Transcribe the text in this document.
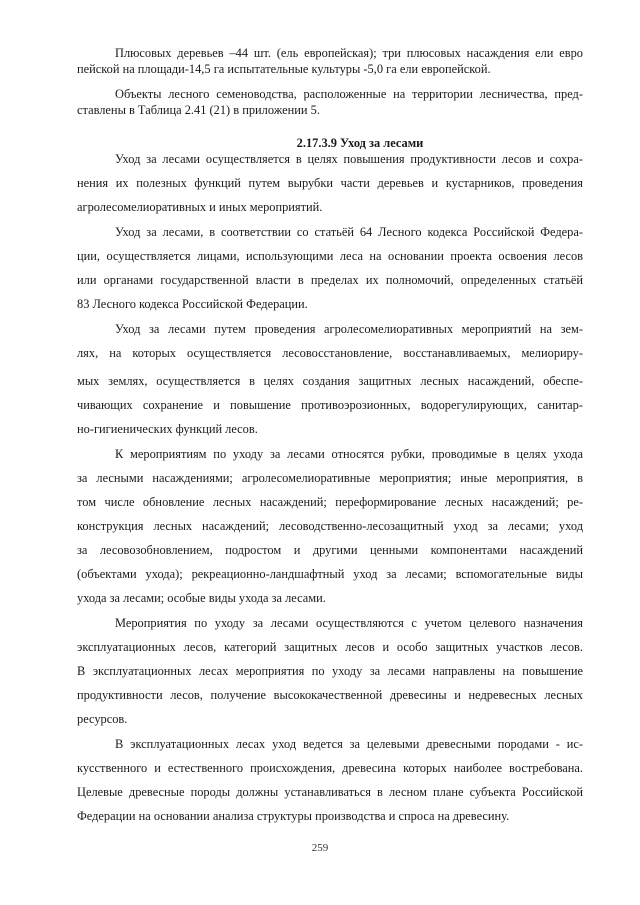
Плюсовых деревьев –44 шт. (ель европейская); три плюсовых насаждения ели евро

пейской на площади-14,5 га испытательные культуры -5,0 га ели европейской.

Объекты лесного семеноводства, расположенные на территории лесничества, пред-

ставлены в Таблица 2.41 (21) в приложении 5.

2.17.3.9 Уход за лесами

Уход за лесами осуществляется в целях повышения продуктивности лесов и сохра-

нения их полезных функций путем вырубки части деревьев и кустарников, проведения

агролесомелиоративных и иных мероприятий.

Уход за лесами, в соответствии со статьёй 64 Лесного кодекса Российской Федера-

ции, осуществляется лицами, использующими леса на основании проекта освоения лесов

или органами государственной власти в пределах их полномочий, определенных статьёй

83 Лесного кодекса Российской Федерации.

Уход за лесами путем проведения агролесомелиоративных мероприятий на зем-

лях, на которых осуществляется лесовосстановление, восстанавливаемых, мелиориру-

мых землях, осуществляется в целях создания защитных лесных насаждений, обеспе-

чивающих сохранение и повышение противоэрозионных, водорегулирующих, санитар-

но-гигиенических функций лесов.

К мероприятиям по уходу за лесами относятся рубки, проводимые в целях ухода

за лесными насаждениями; агролесомелиоративные мероприятия; иные мероприятия, в

том числе обновление лесных насаждений; переформирование лесных насаждений; ре-

конструкция лесных насаждений; лесоводственно-лесозащитный уход за лесами; уход

за лесовозобновлением, подростом и другими ценными компонентами насаждений

(объектами ухода); рекреационно-ландшафтный уход за лесами; вспомогательные виды

ухода за лесами; особые виды ухода за лесами.

Мероприятия по уходу за лесами осуществляются с учетом целевого назначения

эксплуатационных лесов, категорий защитных лесов и особо защитных участков лесов.

В эксплуатационных лесах мероприятия по уходу за лесами направлены на повышение

продуктивности лесов, получение высококачественной древесины и недревесных лесных

ресурсов.

В эксплуатационных лесах уход ведется за целевыми древесными породами - ис-

кусственного и естественного происхождения, древесина которых наиболее востребована.

Целевые древесные породы должны устанавливаться в лесном плане субъекта Российской

Федерации на основании анализа структуры производства и спроса на древесину.

259
